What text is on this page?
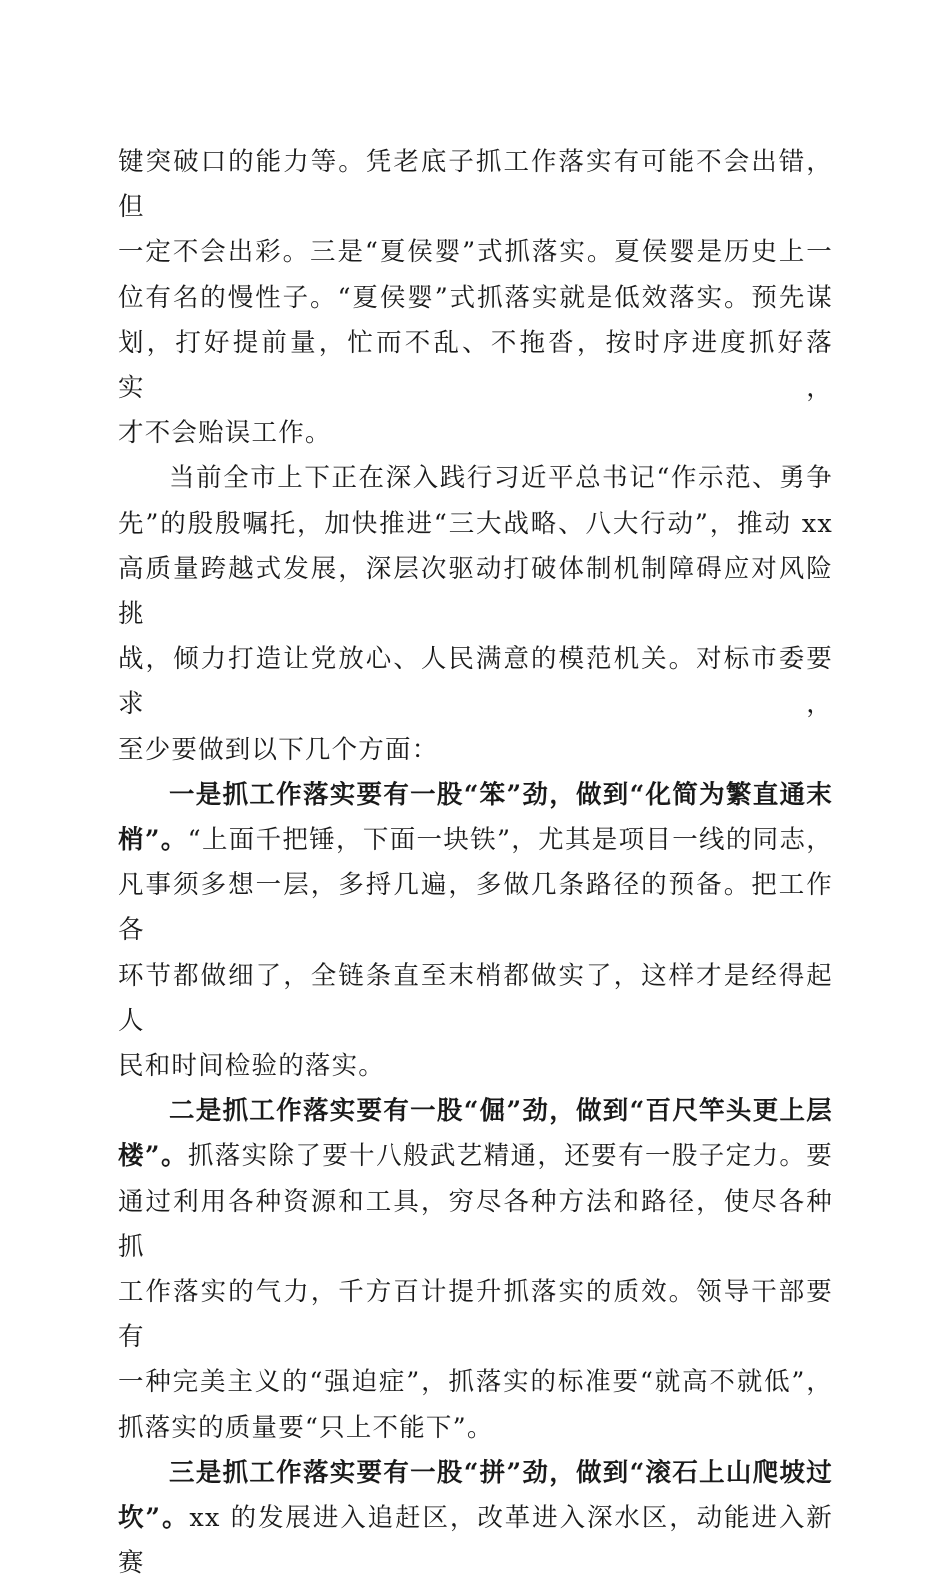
键突破口的能力等。凭老底子抓工作落实有可能不会出错，但
一定不会出彩。三是“夏侯婴”式抓落实。夏侯婴是历史上一
位有名的慢性子。“夏侯婴”式抓落实就是低效落实。预先谋
划，打好提前量，忙而不乱、不拖沓，按时序进度抓好落实，
才不会贻误工作。
当前全市上下正在深入践行习近平总书记“作示范、勇争
先”的殷殷嘱托，加快推进“三大战略、八大行动”，推动 xx
高质量跨越式发展，深层次驱动打破体制机制障碍应对风险挑
战，倾力打造让党放心、人民满意的模范机关。对标市委要求，
至少要做到以下几个方面：
一是抓工作落实要有一股“笨”劲，做到“化简为繁直通末
梢”。“上面千把锤，下面一块铁”，尤其是项目一线的同志，
凡事须多想一层，多捋几遍，多做几条路径的预备。把工作各
环节都做细了，全链条直至末梢都做实了，这样才是经得起人
民和时间检验的落实。
二是抓工作落实要有一股“倔”劲，做到“百尺竿头更上层
楼”。抓落实除了要十八般武艺精通，还要有一股子定力。要
通过利用各种资源和工具，穷尽各种方法和路径，使尽各种抓
工作落实的气力，千方百计提升抓落实的质效。领导干部要有
一种完美主义的“强迫症”，抓落实的标准要“就高不就低”，
抓落实的质量要“只上不能下”。
三是抓工作落实要有一股“拼”劲，做到“滚石上山爬坡过
坎”。xx 的发展进入追赶区，改革进入深水区，动能进入新赛
